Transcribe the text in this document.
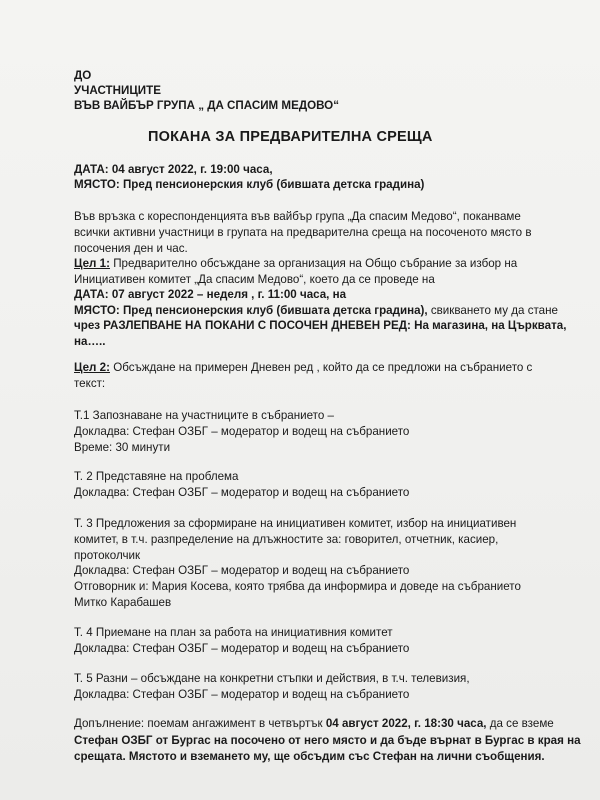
ДО
УЧАСТНИЦИТЕ
ВЪВ ВАЙБЪР ГРУПА „ ДА СПАСИМ МЕДОВО“
ПОКАНА ЗА ПРЕДВАРИТЕЛНА СРЕЩА
ДАТА: 04 август 2022, г. 19:00 часа,
МЯСТО: Пред пенсионерския клуб (бившата детска градина)
Във връзка с кореспонденцията във вайбър група „Да спасим Медово“, поканваме
всички активни участници в групата на предварителна среща на посоченото място в
посочения ден и час.
Цел 1: Предварително обсъждане за организация на Общо събрание за избор на
Инициативен комитет „Да спасим Медово“, което да се проведе на
ДАТА: 07 август 2022 – неделя , г. 11:00 часа, на
МЯСТО: Пред пенсионерския клуб (бившата детска градина), свикването му да стане
чрез РАЗЛЕПВАНЕ НА ПОКАНИ С ПОСОЧЕН ДНЕВЕН РЕД: На магазина, на Църквата,
на…..
Цел 2: Обсъждане на примерен Дневен ред , който да се предложи на събранието с
текст:
Т.1 Запознаване на участниците в събранието –
Докладва: Стефан ОЗБГ – модератор и водещ на събранието
Време: 30 минути
Т. 2 Представяне на проблема
Докладва: Стефан ОЗБГ – модератор и водещ на събранието
Т. 3 Предложения за сформиране на инициативен комитет, избор на инициативен
комитет, в т.ч. разпределение на длъжностите за: говорител, отчетник, касиер,
протоколчик
Докладва: Стефан ОЗБГ – модератор и водещ на събранието
Отговорник и: Мария Косева, която трябва да информира и доведе на събранието
Митко Карабашев
Т. 4 Приемане на план за работа на инициативния комитет
Докладва: Стефан ОЗБГ – модератор и водещ на събранието
Т. 5 Разни – обсъждане на конкретни стъпки и действия, в т.ч. телевизия,
Докладва: Стефан ОЗБГ – модератор и водещ на събранието
Допълнение: поемам ангажимент в четвъртък 04 август 2022, г. 18:30 часа, да се вземе
Стефан ОЗБГ от Бургас на посочено от него място и да бъде върнат в Бургас в края на
срещата. Мястото и вземането му, ще обсъдим със Стефан на лични съобщения.
